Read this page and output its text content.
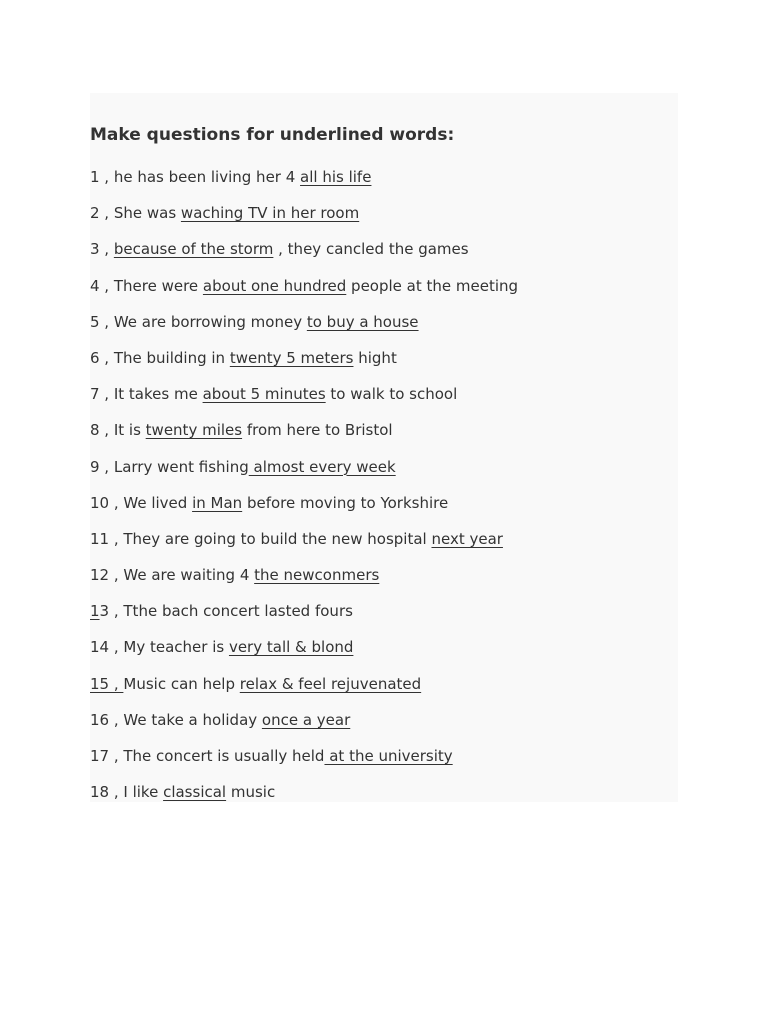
Make questions for underlined words:
1 , he has been living her 4 all his life
2 , She was waching TV in her room
3 , because of the storm , they cancled the games
4 , There were about one hundred people at the meeting
5 , We are borrowing money to buy a house
6 , The building in twenty 5 meters hight
7 , It takes me about 5 minutes to walk to school
8 , It is twenty miles from here to Bristol
9 , Larry went fishing almost every week
10 , We lived in Man before moving to Yorkshire
11 , They are going to build the new hospital next year
12 , We are waiting 4 the newconmers
13 , Tthe bach concert lasted fours
14 , My teacher is very tall & blond
15 , Music can help relax & feel rejuvenated
16 , We take a holiday once a year
17 , The concert is usually held at the university
18 , I like classical music
